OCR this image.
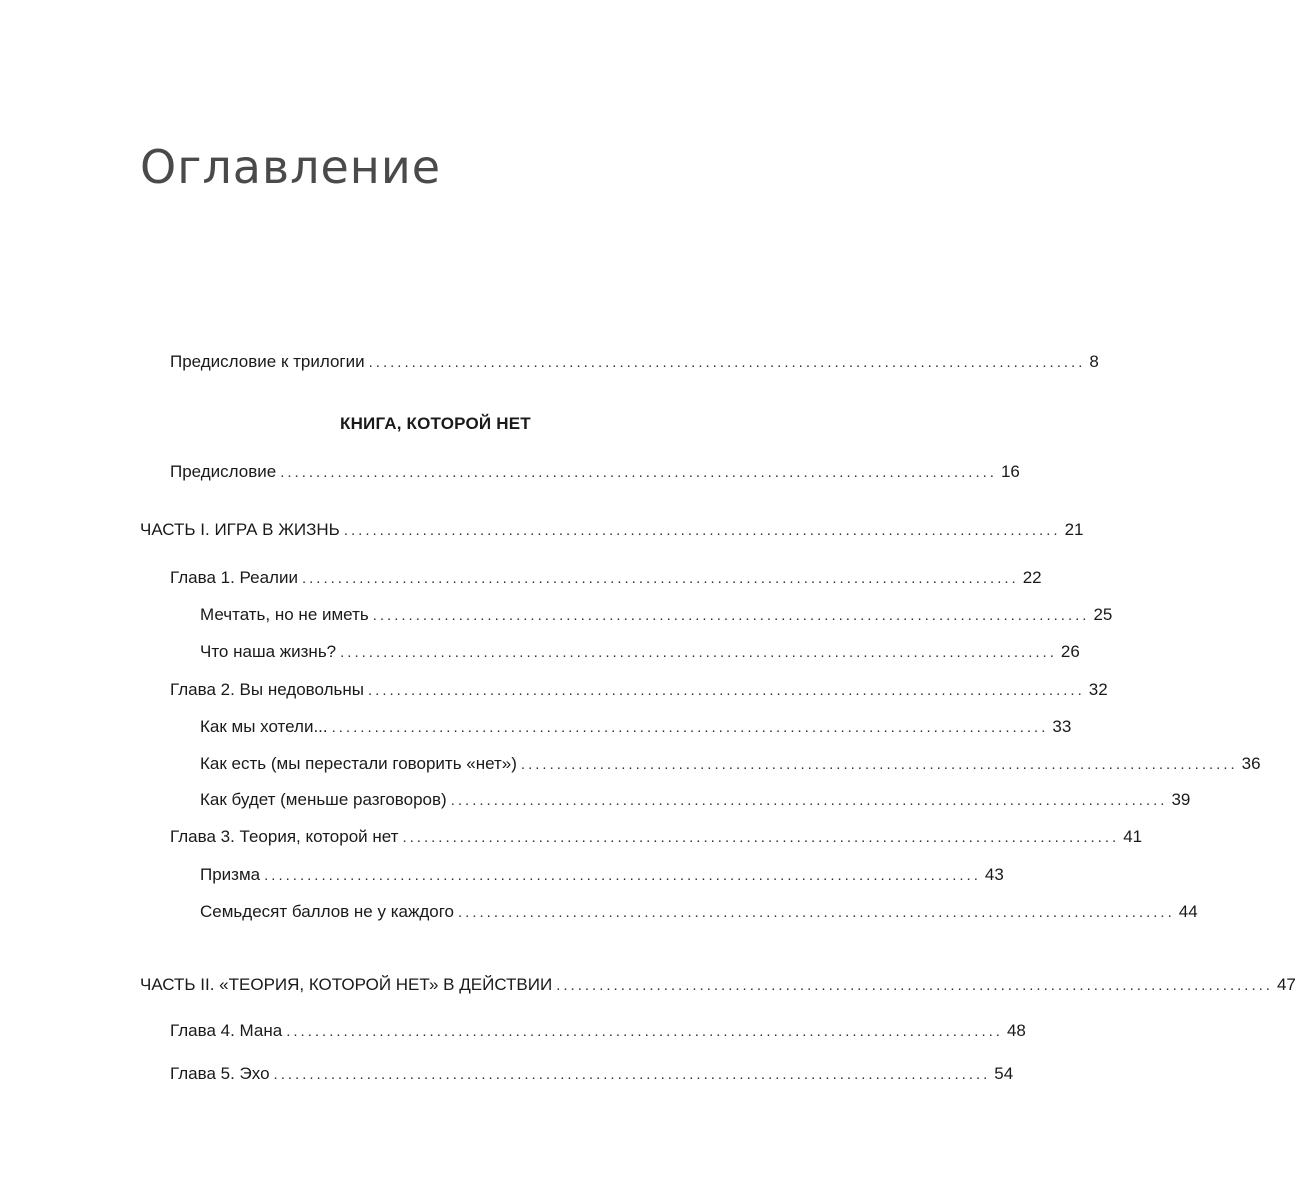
Оглавление
Предисловие к трилогии .................................................................................................... 8
КНИГА, КОТОРОЙ НЕТ
Предисловие .................................................................................................... 16
ЧАСТЬ I. ИГРА В ЖИЗНЬ .................................................................................................... 21
Глава 1. Реалии .................................................................................................... 22
Мечтать, но не иметь .................................................................................................... 25
Что наша жизнь? .................................................................................................... 26
Глава 2. Вы недовольны .................................................................................................... 32
Как мы хотели... .................................................................................................... 33
Как есть (мы перестали говорить «нет») .................................................................................................... 36
Как будет (меньше разговоров) .................................................................................................... 39
Глава 3. Теория, которой нет .................................................................................................... 41
Призма .................................................................................................... 43
Семьдесят баллов не у каждого .................................................................................................... 44
ЧАСТЬ II. «ТЕОРИЯ, КОТОРОЙ НЕТ» В ДЕЙСТВИИ .................................................................................................... 47
Глава 4. Мана .................................................................................................... 48
Глава 5. Эхо .................................................................................................... 54
